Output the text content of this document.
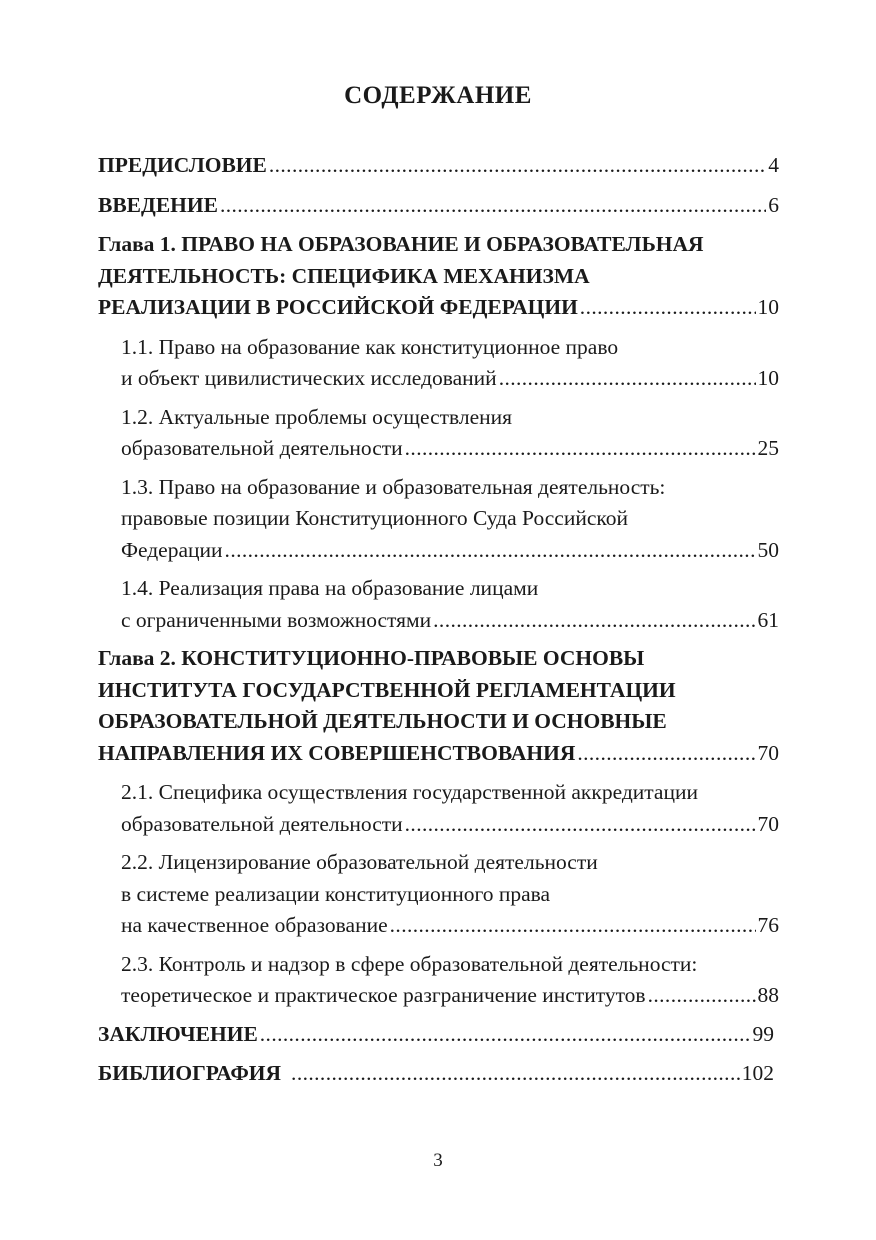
СОДЕРЖАНИЕ
ПРЕДИСЛОВИЕ .....	4
ВВЕДЕНИЕ .....	6
Глава 1. ПРАВО НА ОБРАЗОВАНИЕ И ОБРАЗОВАТЕЛЬНАЯ
ДЕЯТЕЛЬНОСТЬ: СПЕЦИФИКА МЕХАНИЗМА
РЕАЛИЗАЦИИ В РОССИЙСКОЙ ФЕДЕРАЦИИ .....	10
1.1. Право на образование как конституционное право
и объект цивилистических исследований .....	10
1.2. Актуальные проблемы осуществления
образовательной деятельности .....	25
1.3. Право на образование и образовательная деятельность:
правовые позиции Конституционного Суда Российской
Федерации .....	50
1.4. Реализация права на образование лицами
с ограниченными возможностями .....	61
Глава 2. КОНСТИТУЦИОННО-ПРАВОВЫЕ ОСНОВЫ
ИНСТИТУТА ГОСУДАРСТВЕННОЙ РЕГЛАМЕНТАЦИИ
ОБРАЗОВАТЕЛЬНОЙ ДЕЯТЕЛЬНОСТИ И ОСНОВНЫЕ
НАПРАВЛЕНИЯ ИХ СОВЕРШЕНСТВОВАНИЯ .....	70
2.1. Специфика осуществления государственной аккредитации
образовательной деятельности .....	70
2.2. Лицензирование образовательной деятельности
в системе реализации конституционного права
на качественное образование .....	76
2.3. Контроль и надзор в сфере образовательной деятельности:
теоретическое и практическое разграничение институтов .....	88
ЗАКЛЮЧЕНИЕ .....	99
БИБЛИОГРАФИЯ .....	102
3
